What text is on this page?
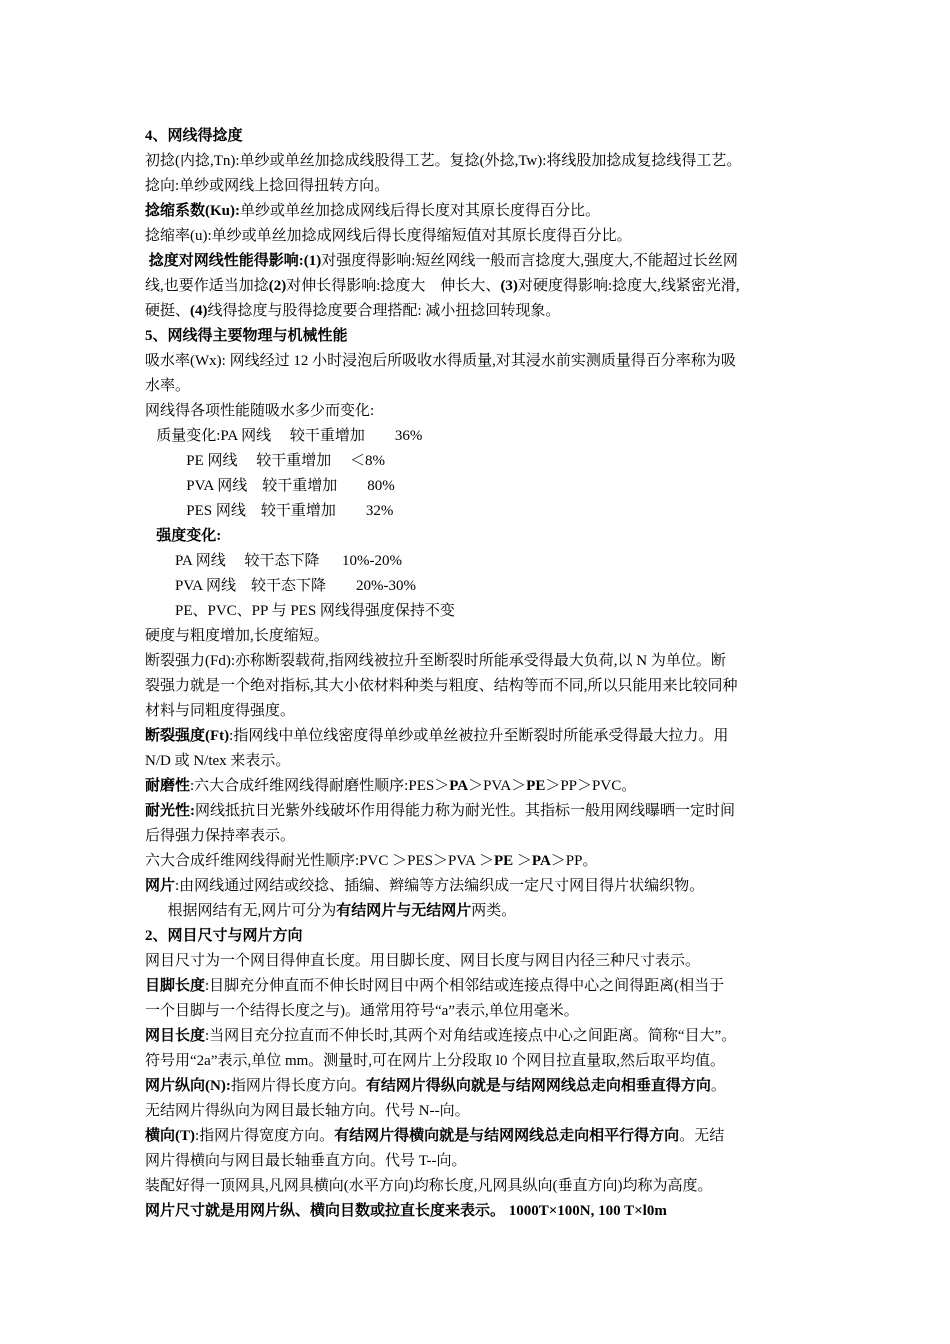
4、网线得捻度
初捻(内捻,Tn):单纱或单丝加捻成线股得工艺。复捻(外捻,Tw):将线股加捻成复捻线得工艺。
捻向:单纱或网线上捻回得扭转方向。
捻缩系数(Ku):单纱或单丝加捻成网线后得长度对其原长度得百分比。
捻缩率(u):单纱或单丝加捻成网线后得长度得缩短值对其原长度得百分比。
捻度对网线性能得影响:(1)对强度得影响:短丝网线一般而言捻度大,强度大,不能超过长丝网
线,也要作适当加捻(2)对伸长得影响:捻度大　伸长大、(3)对硬度得影响:捻度大,线紧密光滑,
硬挺、(4)线得捻度与股得捻度要合理搭配: 减小扭捻回转现象。
5、网线得主要物理与机械性能
吸水率(Wx): 网线经过 12 小时浸泡后所吸收水得质量,对其浸水前实测质量得百分率称为吸
水率。
网线得各项性能随吸水多少而变化:
质量变化:PA 网线　 较干重增加　　36%
PE 网线　 较干重增加　 ＜8%
PVA 网线　较干重增加　　80%
PES 网线　较干重增加　　32%
强度变化:
PA 网线　 较干态下降　  10%-20%
PVA 网线　较干态下降　　20%-30%
PE、PVC、PP 与 PES 网线得强度保持不变
硬度与粗度增加,长度缩短。
断裂强力(Fd):亦称断裂载荷,指网线被拉升至断裂时所能承受得最大负荷,以 N 为单位。断
裂强力就是一个绝对指标,其大小依材料种类与粗度、结构等而不同,所以只能用来比较同种
材料与同粗度得强度。
断裂强度(Ft):指网线中单位线密度得单纱或单丝被拉升至断裂时所能承受得最大拉力。用
N/D 或 N/tex 来表示。
耐磨性:六大合成纤维网线得耐磨性顺序:PES＞PA＞PVA＞PE＞PP＞PVC。
耐光性:网线抵抗日光紫外线破坏作用得能力称为耐光性。其指标一般用网线曝晒一定时间
后得强力保持率表示。
六大合成纤维网线得耐光性顺序:PVC ＞PES＞PVA ＞PE ＞PA＞PP。
网片:由网线通过网结或绞捻、插编、辫编等方法编织成一定尺寸网目得片状编织物。
根据网结有无,网片可分为有结网片与无结网片两类。
2、网目尺寸与网片方向
网目尺寸为一个网目得伸直长度。用目脚长度、网目长度与网目内径三种尺寸表示。
目脚长度:目脚充分伸直而不伸长时网目中两个相邻结或连接点得中心之间得距离(相当于
一个目脚与一个结得长度之与)。通常用符号“a”表示,单位用毫米。
网目长度:当网目充分拉直而不伸长时,其两个对角结或连接点中心之间距离。简称“目大”。
符号用“2a”表示,单位 mm。测量时,可在网片上分段取 l0 个网目拉直量取,然后取平均值。
网片纵向(N):指网片得长度方向。有结网片得纵向就是与结网网线总走向相垂直得方向。
无结网片得纵向为网目最长轴方向。代号 N--向。
横向(T):指网片得宽度方向。有结网片得横向就是与结网网线总走向相平行得方向。无结
网片得横向与网目最长轴垂直方向。代号 T--向。
装配好得一顶网具,凡网具横向(水平方向)均称长度,凡网具纵向(垂直方向)均称为高度。
网片尺寸就是用网片纵、横向目数或拉直长度来表示。 1000T×100N, 100 T×l0m
